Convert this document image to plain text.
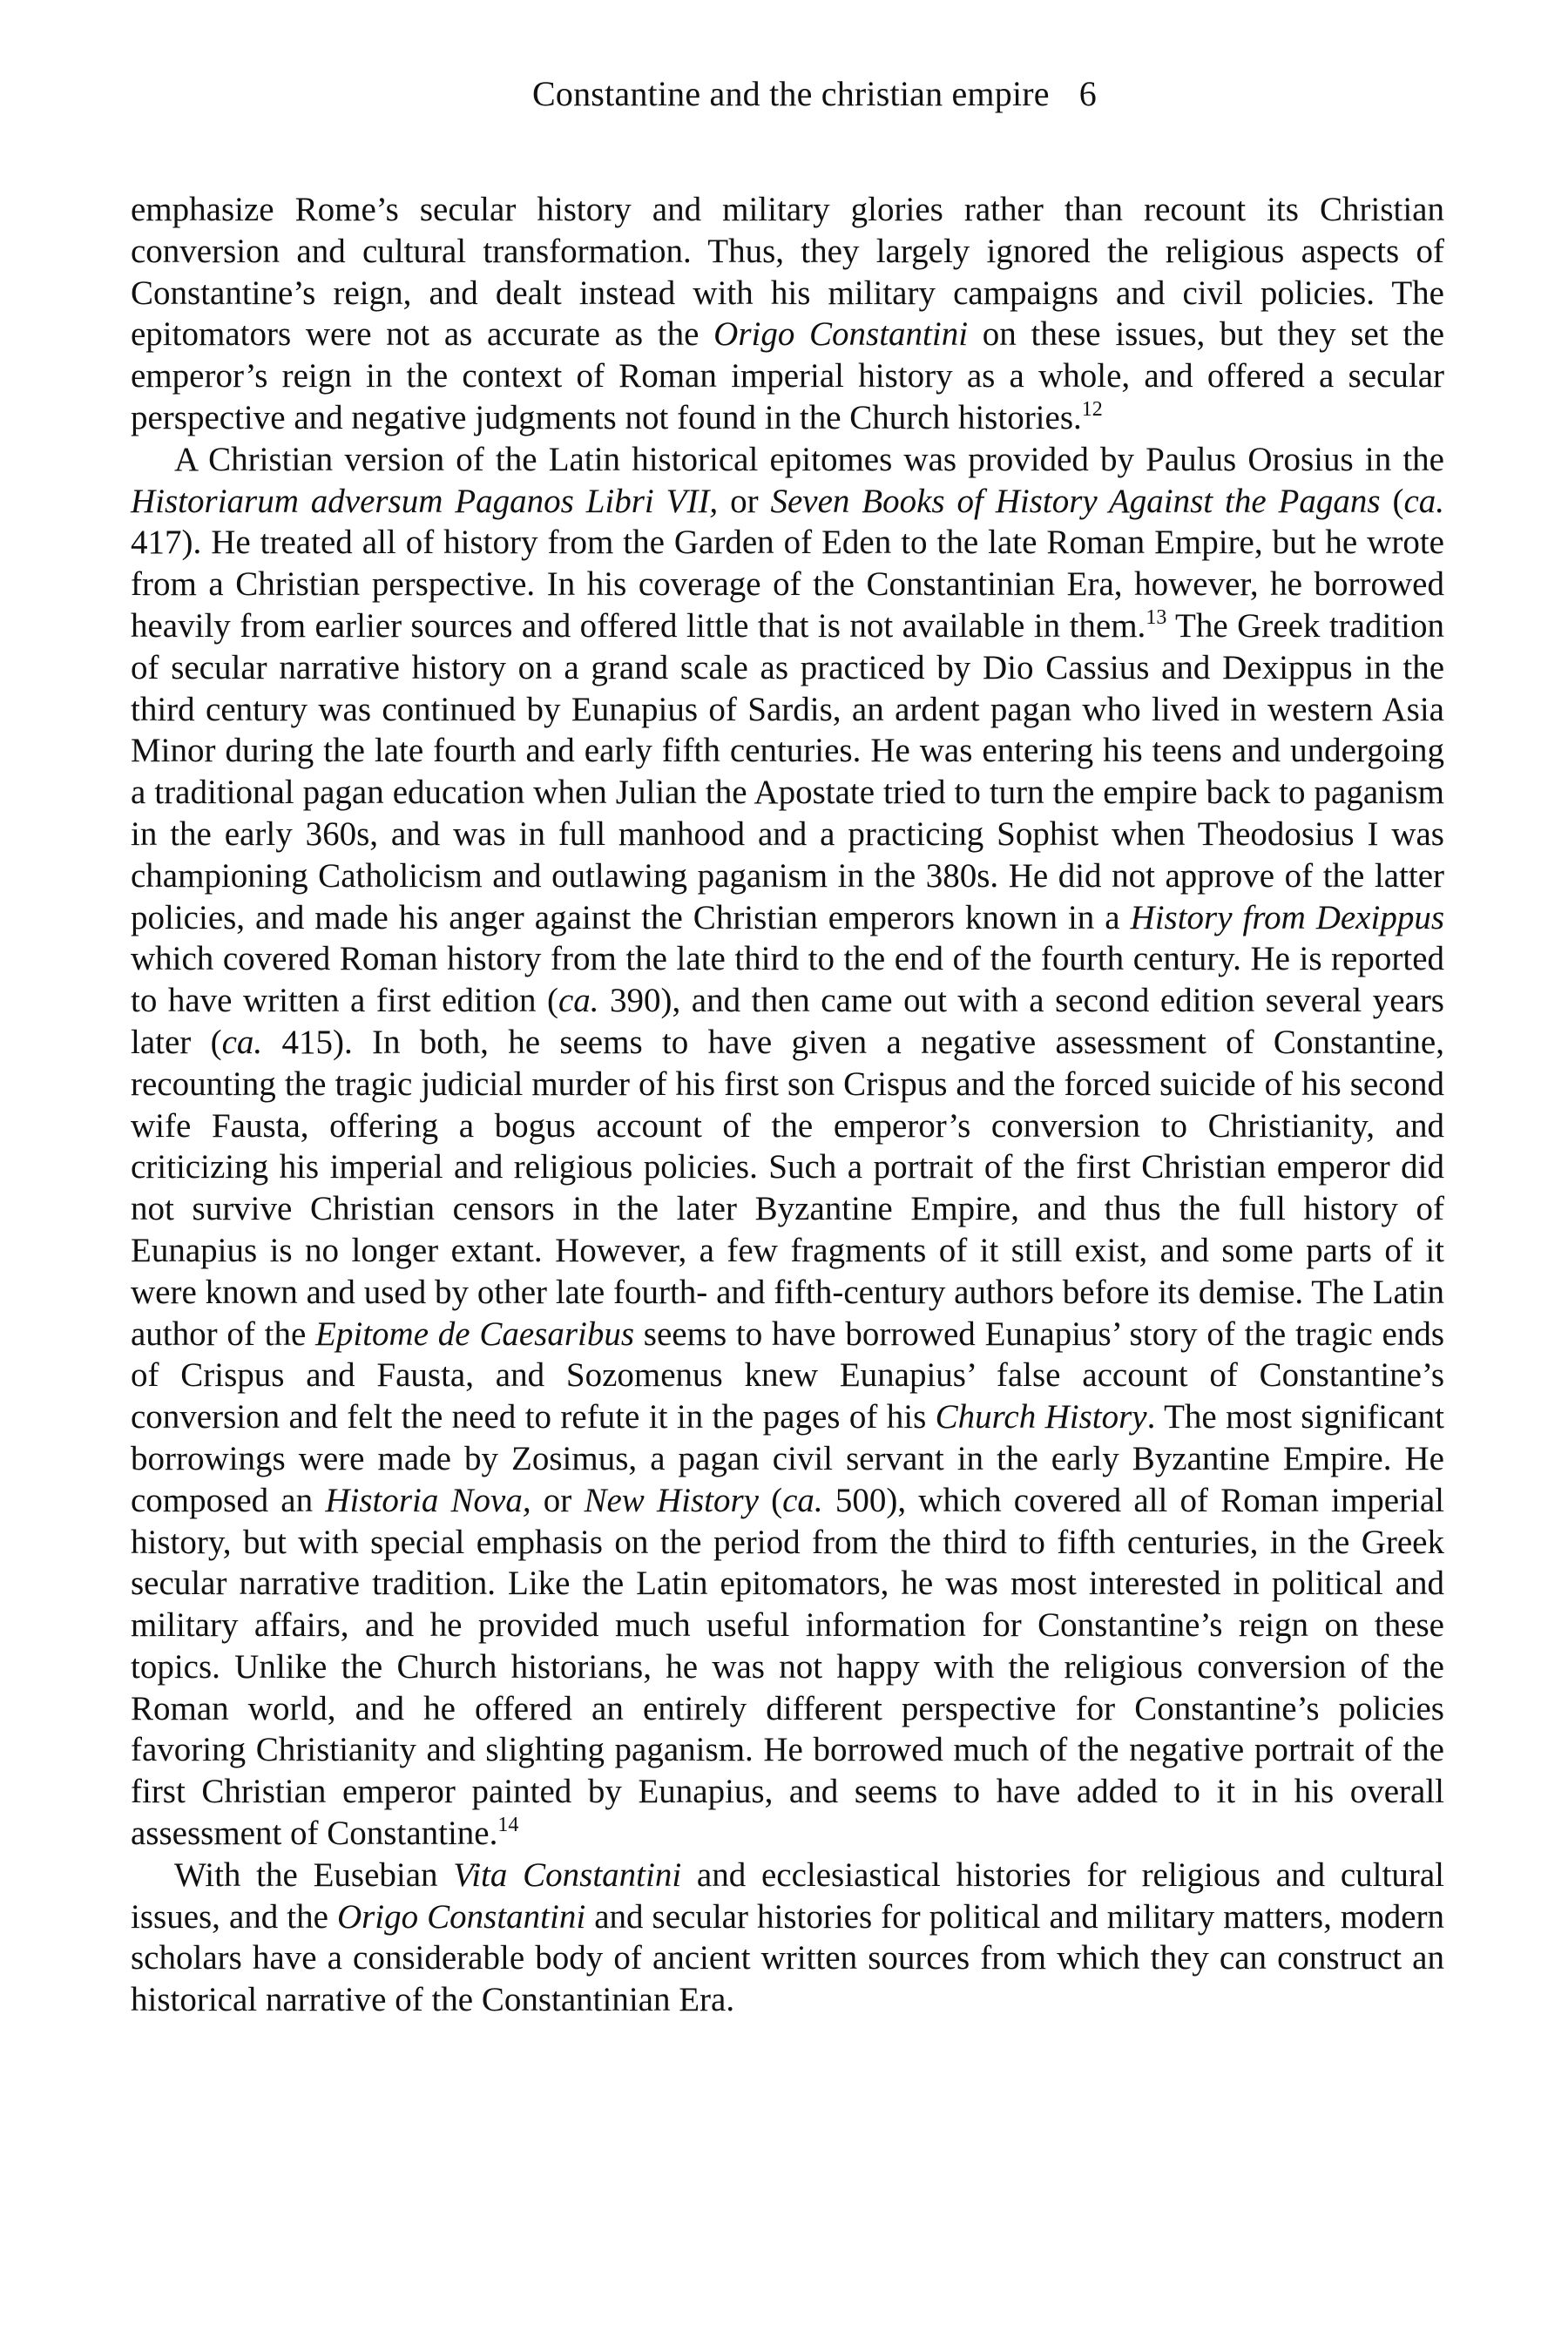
Constantine and the christian empire 6

emphasize Rome’s secular history and military glories rather than recount its Christian conversion and cultural transformation. Thus, they largely ignored the religious aspects of Constantine’s reign, and dealt instead with his military campaigns and civil policies. The epitomators were not as accurate as the Origo Constantini on these issues, but they set the emperor’s reign in the context of Roman imperial history as a whole, and offered a secular perspective and negative judgments not found in the Church histories.$^{12}$

A Christian version of the Latin historical epitomes was provided by Paulus Orosius in the Historiarum adversum Paganos Libri VII, or Seven Books of History Against the Pagans (ca. 417). He treated all of history from the Garden of Eden to the late Roman Empire, but he wrote from a Christian perspective. In his coverage of the Constantinian Era, however, he borrowed heavily from earlier sources and offered little that is not available in them.$^{13}$ The Greek tradition of secular narrative history on a grand scale as practiced by Dio Cassius and Dexippus in the third century was continued by Eunapius of Sardis, an ardent pagan who lived in western Asia Minor during the late fourth and early fifth centuries. He was entering his teens and undergoing a traditional pagan education when Julian the Apostate tried to turn the empire back to paganism in the early 360s, and was in full manhood and a practicing Sophist when Theodosius I was championing Catholicism and outlawing paganism in the 380s. He did not approve of the latter policies, and made his anger against the Christian emperors known in a History from Dexippus which covered Roman history from the late third to the end of the fourth century. He is reported to have written a first edition (ca. 390), and then came out with a second edition several years later (ca. 415). In both, he seems to have given a negative assessment of Constantine, recounting the tragic judicial murder of his first son Crispus and the forced suicide of his second wife Fausta, offering a bogus account of the emperor’s conversion to Christianity, and criticizing his imperial and religious policies. Such a portrait of the first Christian emperor did not survive Christian censors in the later Byzantine Empire, and thus the full history of Eunapius is no longer extant. However, a few fragments of it still exist, and some parts of it were known and used by other late fourth- and fifth-century authors before its demise. The Latin author of the Epitome de Caesaribus seems to have borrowed Eunapius’ story of the tragic ends of Crispus and Fausta, and Sozomenus knew Eunapius’ false account of Constantine’s conversion and felt the need to refute it in the pages of his Church History. The most significant borrowings were made by Zosimus, a pagan civil servant in the early Byzantine Empire. He composed an Historia Nova, or New History (ca. 500), which covered all of Roman imperial history, but with special emphasis on the period from the third to fifth centuries, in the Greek secular narrative tradition. Like the Latin epitomators, he was most interested in political and military affairs, and he provided much useful information for Constantine’s reign on these topics. Unlike the Church historians, he was not happy with the religious conversion of the Roman world, and he offered an entirely different perspective for Constantine’s policies favoring Christianity and slighting paganism. He borrowed much of the negative portrait of the first Christian emperor painted by Eunapius, and seems to have added to it in his overall assessment of Constantine.$^{14}$

With the Eusebian Vita Constantini and ecclesiastical histories for religious and cultural issues, and the Origo Constantini and secular histories for political and military matters, modern scholars have a considerable body of ancient written sources from which they can construct an historical narrative of the Constantinian Era.
